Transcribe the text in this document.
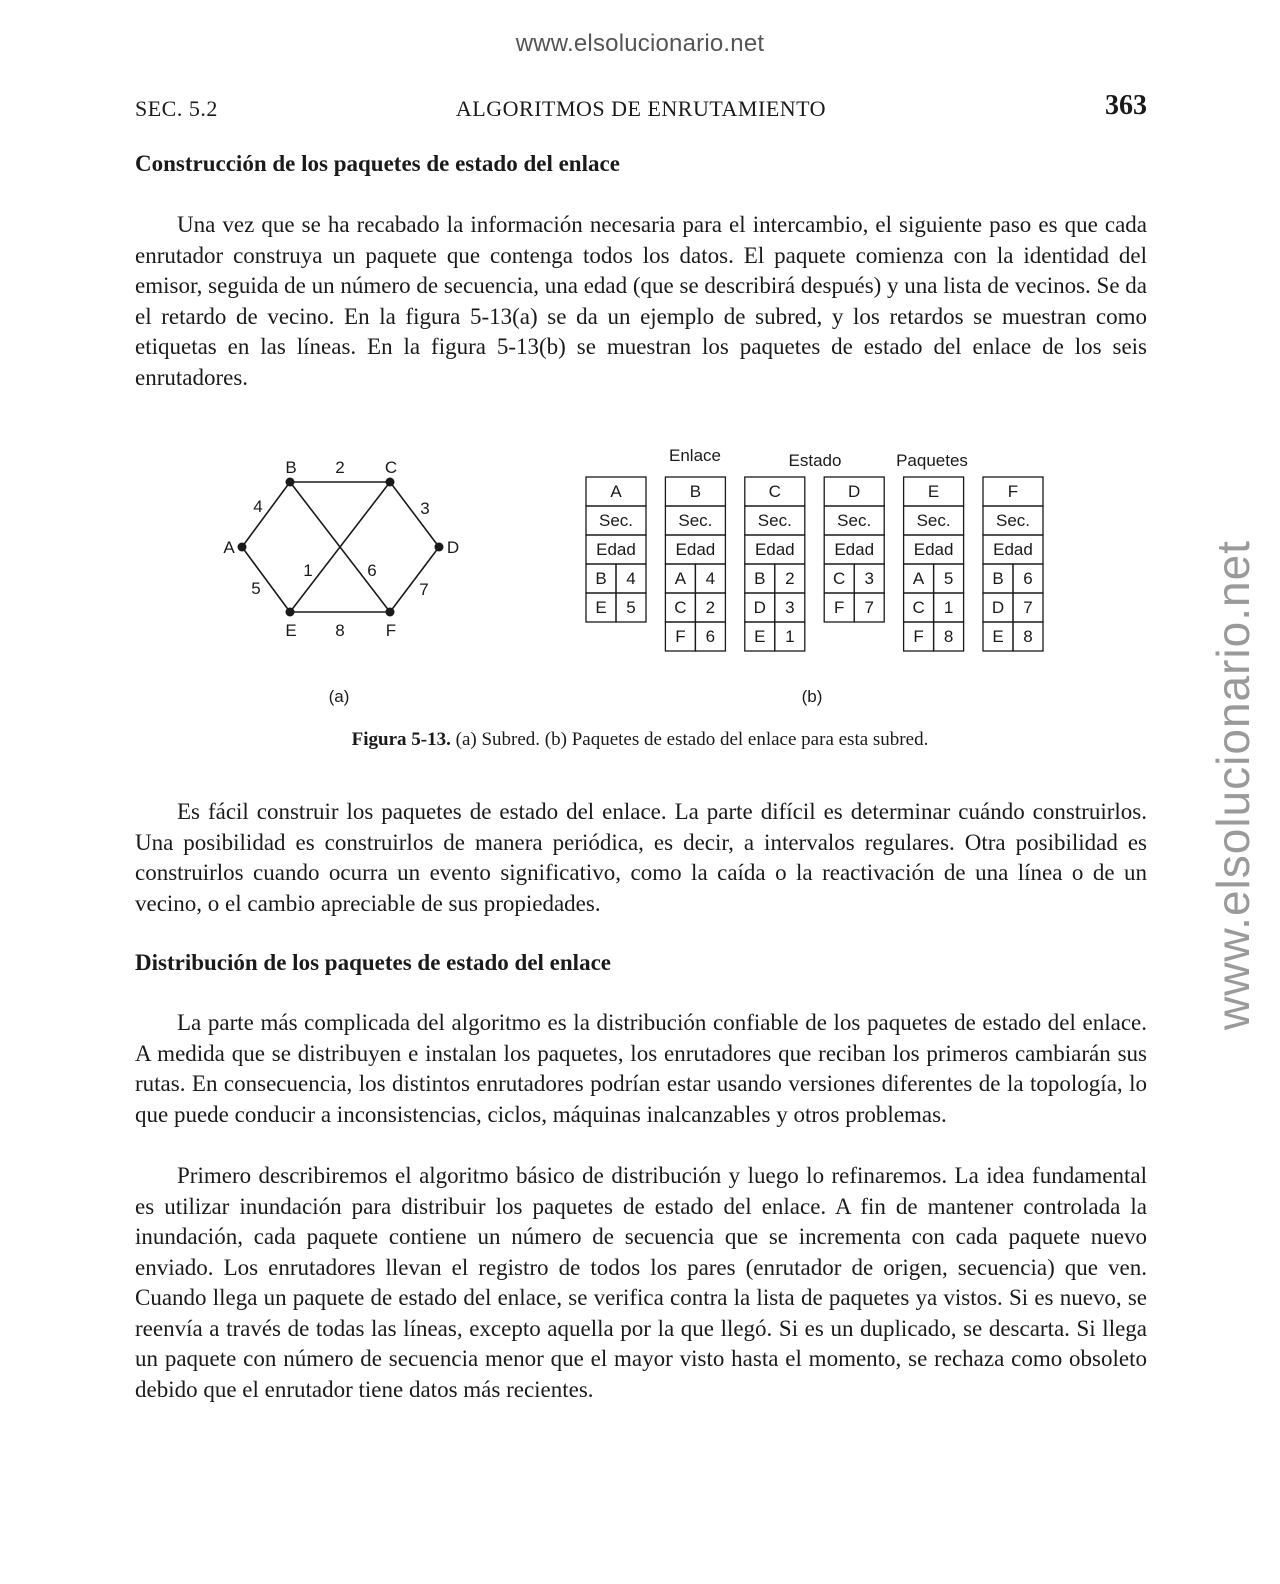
www.elsolucionario.net
www.elsolucionario.net
SEC. 5.2	ALGORITMOS DE ENRUTAMIENTO	363
Construcción de los paquetes de estado del enlace

Una vez que se ha recabado la información necesaria para el intercambio, el siguiente paso es que cada enrutador construya un paquete que contenga todos los datos. El paquete comienza con la identidad del emisor, seguida de un número de secuencia, una edad (que se describirá después) y una lista de vecinos. Se da el retardo de vecino. En la figura 5-13(a) se da un ejemplo de subred, y los retardos se muestran como etiquetas en las líneas. En la figura 5-13(b) se muestran los paquetes de estado del enlace de los seis enrutadores.

A
B	C
D
E	F
4
2
3
5
1	6
7
8
(a)
Enlace	Estado	Paquetes
(b)
A
Sec.
Edad
B 4
E 5
B
Sec.
Edad
A 4
C 2
F 6
C
Sec.
Edad
B 2
D 3
E 1
D
Sec.
Edad
C 3
F 7
E
Sec.
Edad
A 5
C 1
F 8
F
Sec.
Edad
B 6
D 7
E 8
Figura 5-13. (a) Subred. (b) Paquetes de estado del enlace para esta subred.

Es fácil construir los paquetes de estado del enlace. La parte difícil es determinar cuándo construirlos. Una posibilidad es construirlos de manera periódica, es decir, a intervalos regulares. Otra posibilidad es construirlos cuando ocurra un evento significativo, como la caída o la reactivación de una línea o de un vecino, o el cambio apreciable de sus propiedades.

Distribución de los paquetes de estado del enlace

La parte más complicada del algoritmo es la distribución confiable de los paquetes de estado del enlace. A medida que se distribuyen e instalan los paquetes, los enrutadores que reciban los primeros cambiarán sus rutas. En consecuencia, los distintos enrutadores podrían estar usando versiones diferentes de la topología, lo que puede conducir a inconsistencias, ciclos, máquinas inalcanzables y otros problemas.

Primero describiremos el algoritmo básico de distribución y luego lo refinaremos. La idea fundamental es utilizar inundación para distribuir los paquetes de estado del enlace. A fin de mantener controlada la inundación, cada paquete contiene un número de secuencia que se incrementa con cada paquete nuevo enviado. Los enrutadores llevan el registro de todos los pares (enrutador de origen, secuencia) que ven. Cuando llega un paquete de estado del enlace, se verifica contra la lista de paquetes ya vistos. Si es nuevo, se reenvía a través de todas las líneas, excepto aquella por la que llegó. Si es un duplicado, se descarta. Si llega un paquete con número de secuencia menor que el mayor visto hasta el momento, se rechaza como obsoleto debido que el enrutador tiene datos más recientes.
